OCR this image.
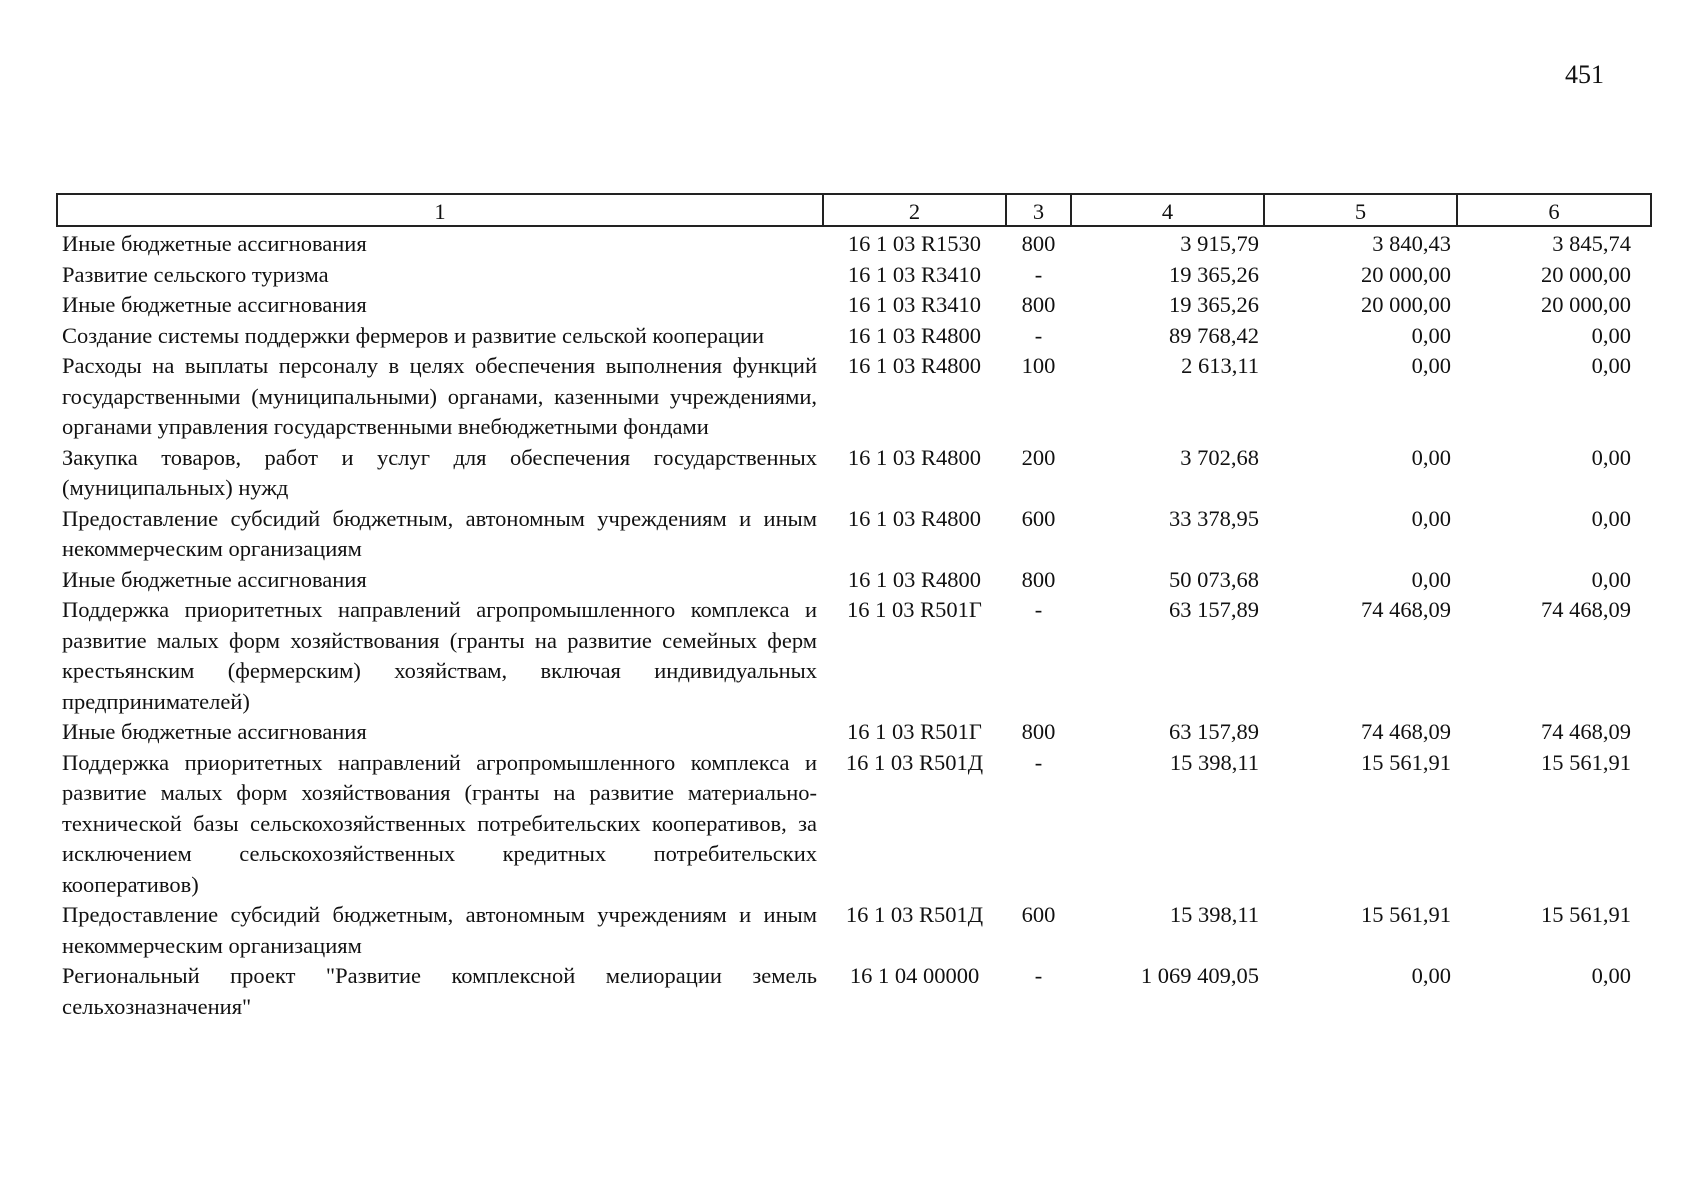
451
1	2	3	4	5	6
Иные бюджетные ассигнования	16 1 03 R1530	800	3 915,79	3 840,43	3 845,74
Развитие сельского туризма	16 1 03 R3410	-	19 365,26	20 000,00	20 000,00
Иные бюджетные ассигнования	16 1 03 R3410	800	19 365,26	20 000,00	20 000,00
Создание системы поддержки фермеров и развитие сельской кооперации	16 1 03 R4800	-	89 768,42	0,00	0,00
Расходы на выплаты персоналу в целях обеспечения выполнения функций государственными (муниципальными) органами, казенными учреждениями, органами управления государственными внебюджетными фондами	16 1 03 R4800	100	2 613,11	0,00	0,00
Закупка товаров, работ и услуг для обеспечения государственных (муниципальных) нужд	16 1 03 R4800	200	3 702,68	0,00	0,00
Предоставление субсидий бюджетным, автономным учреждениям и иным некоммерческим организациям	16 1 03 R4800	600	33 378,95	0,00	0,00
Иные бюджетные ассигнования	16 1 03 R4800	800	50 073,68	0,00	0,00
Поддержка приоритетных направлений агропромышленного комплекса и развитие малых форм хозяйствования (гранты на развитие семейных ферм крестьянским (фермерским) хозяйствам, включая индивидуальных предпринимателей)	16 1 03 R501Г	-	63 157,89	74 468,09	74 468,09
Иные бюджетные ассигнования	16 1 03 R501Г	800	63 157,89	74 468,09	74 468,09
Поддержка приоритетных направлений агропромышленного комплекса и развитие малых форм хозяйствования (гранты на развитие материально-технической базы сельскохозяйственных потребительских кооперативов, за исключением сельскохозяйственных кредитных потребительских кооперативов)	16 1 03 R501Д	-	15 398,11	15 561,91	15 561,91
Предоставление субсидий бюджетным, автономным учреждениям и иным некоммерческим организациям	16 1 03 R501Д	600	15 398,11	15 561,91	15 561,91
Региональный проект "Развитие комплексной мелиорации земель сельхозназначения"	16 1 04 00000	-	1 069 409,05	0,00	0,00
